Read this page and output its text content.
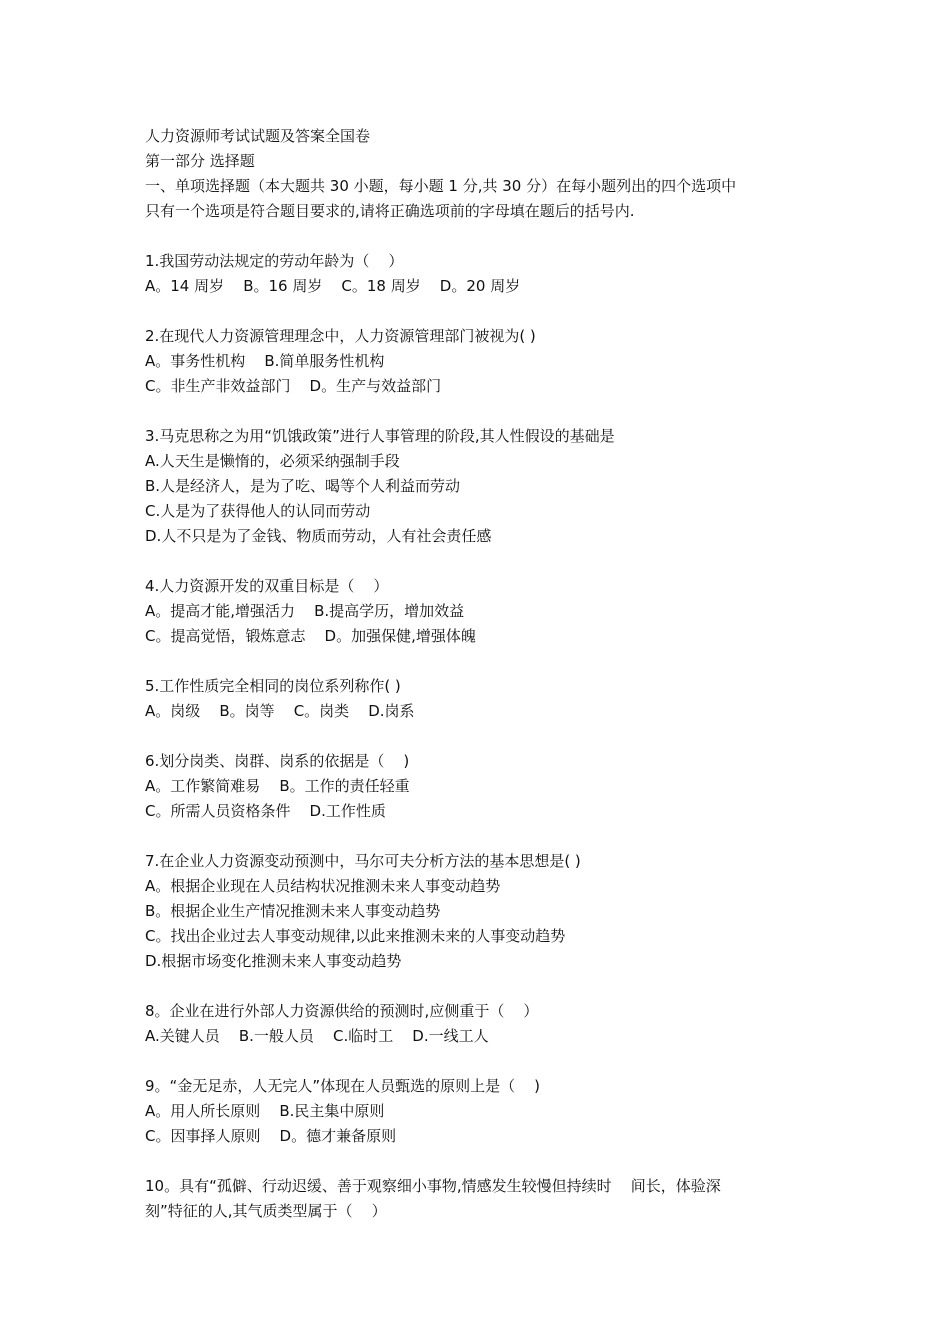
人力资源师考试试题及答案全国卷
第一部分 选择题
一、单项选择题（本大题共 30 小题，每小题 1 分,共 30 分）在每小题列出的四个选项中
只有一个选项是符合题目要求的,请将正确选项前的字母填在题后的括号内.
1.我国劳动法规定的劳动年龄为（    ）
A。14 周岁    B。16 周岁    C。18 周岁    D。20 周岁
2.在现代人力资源管理理念中，人力资源管理部门被视为( )
A。事务性机构    B.简单服务性机构
C。非生产非效益部门    D。生产与效益部门
3.马克思称之为用“饥饿政策”进行人事管理的阶段,其人性假设的基础是
A.人天生是懒惰的，必须采纳强制手段
B.人是经济人，是为了吃、喝等个人利益而劳动
C.人是为了获得他人的认同而劳动
D.人不只是为了金钱、物质而劳动，人有社会责任感
4.人力资源开发的双重目标是（    ）
A。提高才能,增强活力    B.提高学历，增加效益
C。提高觉悟，锻炼意志    D。加强保健,增强体魄
5.工作性质完全相同的岗位系列称作( )
A。岗级    B。岗等    C。岗类    D.岗系
6.划分岗类、岗群、岗系的依据是（    )
A。工作繁简难易    B。工作的责任轻重
C。所需人员资格条件    D.工作性质
7.在企业人力资源变动预测中，马尔可夫分析方法的基本思想是( )
A。根据企业现在人员结构状况推测未来人事变动趋势
B。根据企业生产情况推测未来人事变动趋势
C。找出企业过去人事变动规律,以此来推测未来的人事变动趋势
D.根据市场变化推测未来人事变动趋势
8。企业在进行外部人力资源供给的预测时,应侧重于（    ）
A.关键人员    B.一般人员    C.临时工    D.一线工人
9。“金无足赤，人无完人”体现在人员甄选的原则上是（    )
A。用人所长原则    B.民主集中原则
C。因事择人原则    D。德才兼备原则
10。具有“孤僻、行动迟缓、善于观察细小事物,情感发生较慢但持续时    间长，体验深
刻”特征的人,其气质类型属于（    ）
